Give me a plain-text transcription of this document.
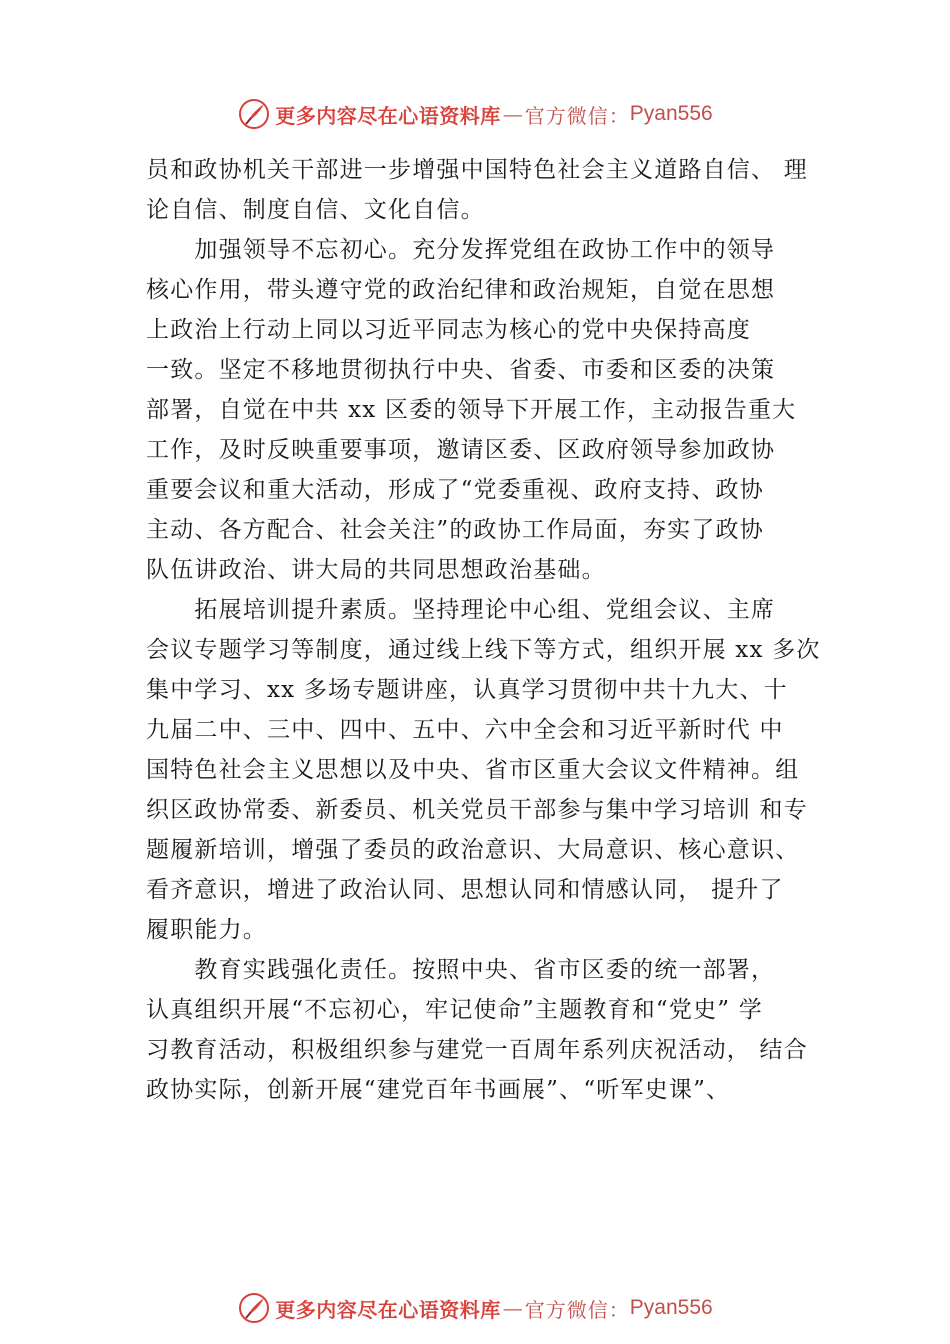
更多内容尽在心语资料库 — 官方微信： Pyan556
员和政协机关干部进一步增强中国特色社会主义道路自信、 理
论自信、制度自信、文化自信。
　　加强领导不忘初心。充分发挥党组在政协工作中的领导
核心作用，带头遵守党的政治纪律和政治规矩，自觉在思想
上政治上行动上同以习近平同志为核心的党中央保持高度
一致。坚定不移地贯彻执行中央、省委、市委和区委的决策
部署，自觉在中共 xx 区委的领导下开展工作，主动报告重大
工作，及时反映重要事项，邀请区委、区政府领导参加政协
重要会议和重大活动，形成了“党委重视、政府支持、政协
主动、各方配合、社会关注”的政协工作局面，夯实了政协
队伍讲政治、讲大局的共同思想政治基础。
　　拓展培训提升素质。坚持理论中心组、党组会议、主席
会议专题学习等制度，通过线上线下等方式，组织开展 xx 多次
集中学习、xx 多场专题讲座，认真学习贯彻中共十九大、十
九届二中、三中、四中、五中、六中全会和习近平新时代 中
国特色社会主义思想以及中央、省市区重大会议文件精神。组
织区政协常委、新委员、机关党员干部参与集中学习培训 和专
题履新培训，增强了委员的政治意识、大局意识、核心意识、
看齐意识，增进了政治认同、思想认同和情感认同， 提升了
履职能力。
　　教育实践强化责任。按照中央、省市区委的统一部署，
认真组织开展“不忘初心，牢记使命”主题教育和“党史” 学
习教育活动，积极组织参与建党一百周年系列庆祝活动， 结合
政协实际，创新开展“建党百年书画展”、“听军史课”、
更多内容尽在心语资料库 — 官方微信： Pyan556
